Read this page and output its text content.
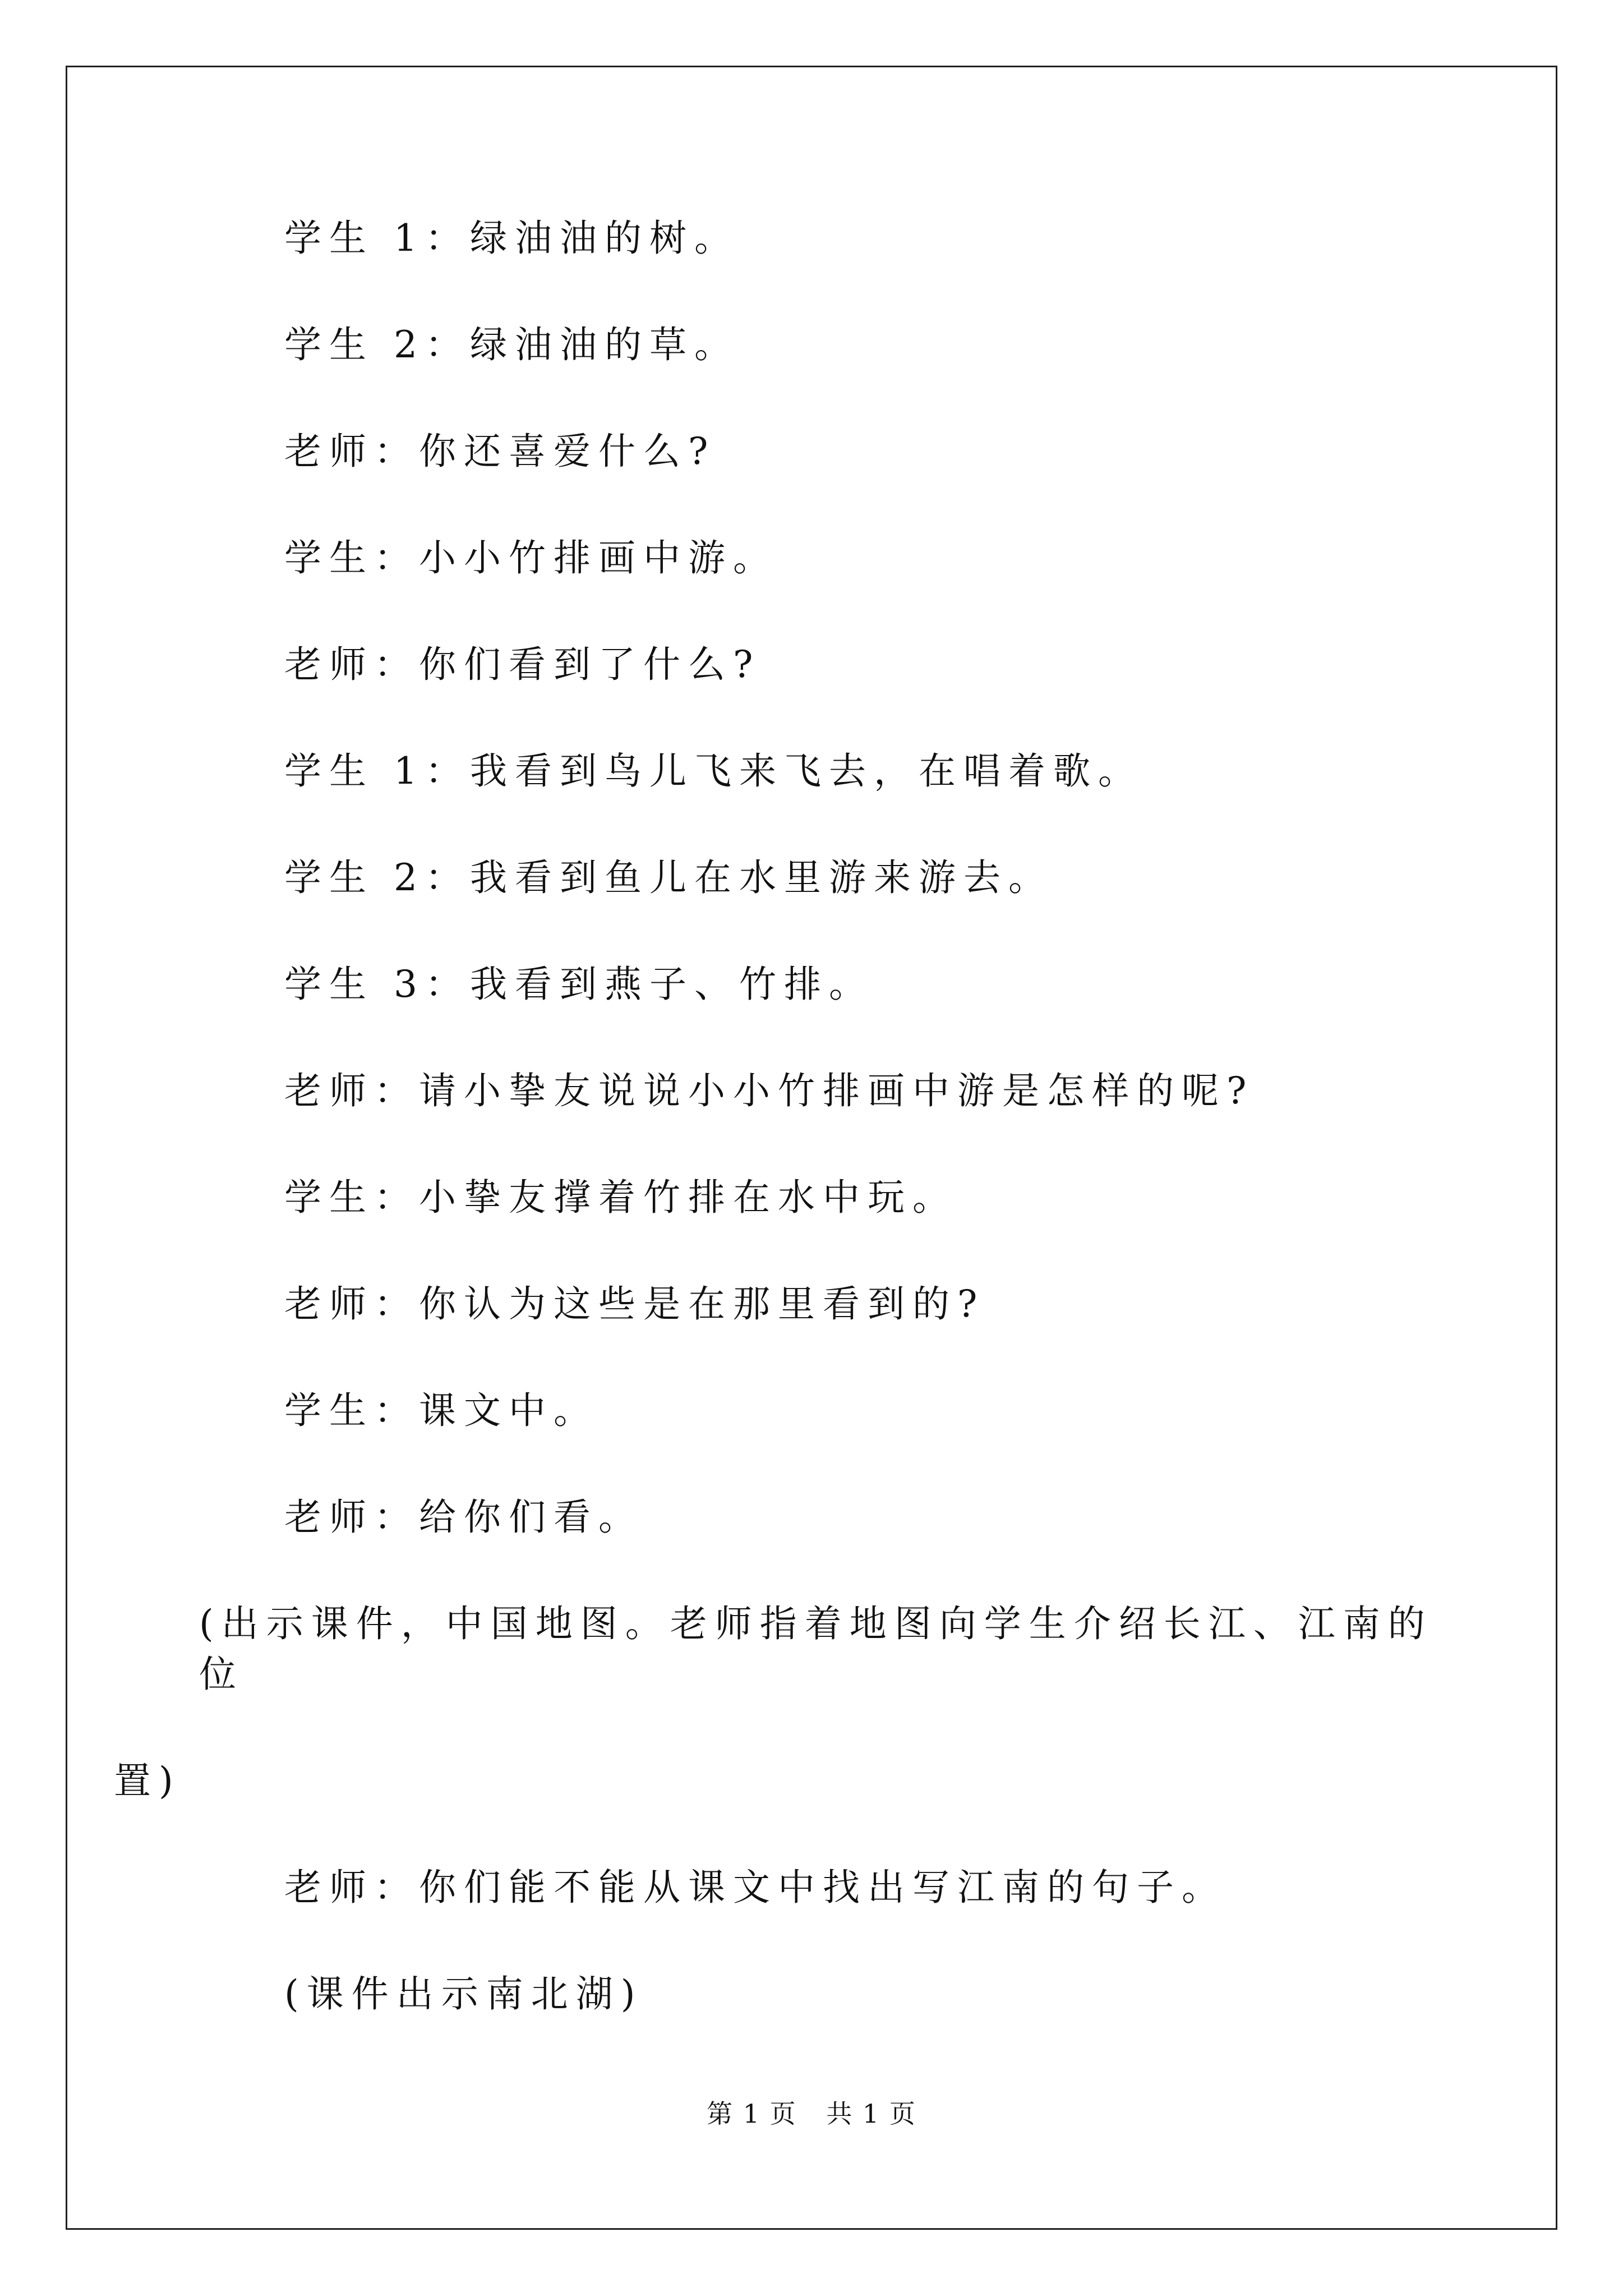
学生 1：绿油油的树。

学生 2：绿油油的草。

老师：你还喜爱什么?

学生：小小竹排画中游。

老师：你们看到了什么?

学生 1：我看到鸟儿飞来飞去，在唱着歌。

学生 2：我看到鱼儿在水里游来游去。

学生 3：我看到燕子、竹排。

老师：请小挚友说说小小竹排画中游是怎样的呢?

学生：小挚友撑着竹排在水中玩。

老师：你认为这些是在那里看到的?

学生：课文中。

老师：给你们看。

(出示课件，中国地图。老师指着地图向学生介绍长江、江南的位
置)

老师：你们能不能从课文中找出写江南的句子。

(课件出示南北湖)

第 1 页 共 1 页
